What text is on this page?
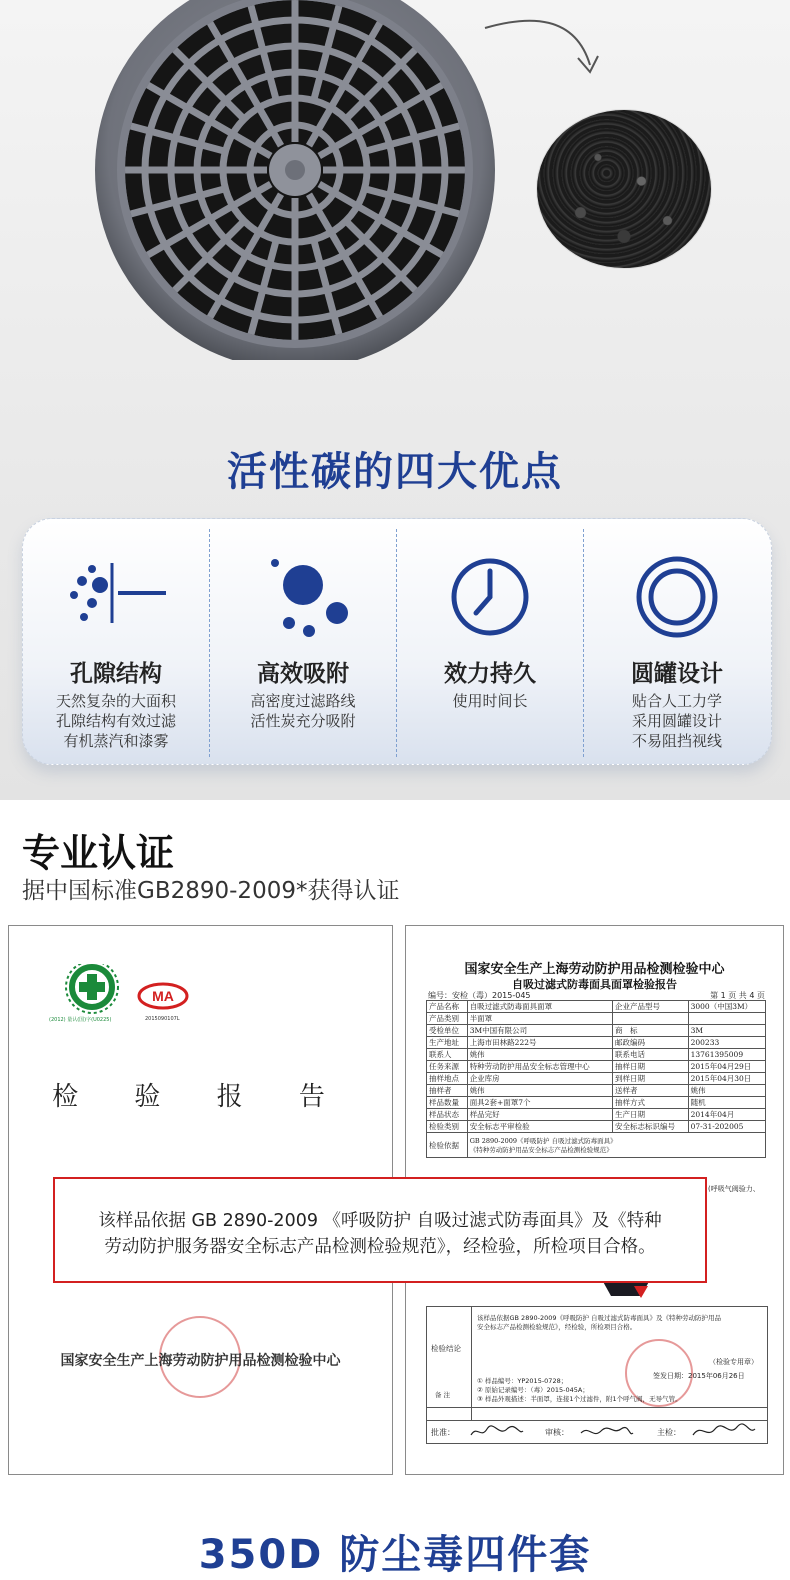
活性碳的四大优点
孔隙结构
天然复杂的大面积
孔隙结构有效过滤
有机蒸汽和漆雾
高效吸附
高密度过滤路线
活性炭充分吸附
效力持久
使用时间长
圆罐设计
贴合人工力学
采用圆罐设计
不易阻挡视线
专业认证
据中国标准GB2890-2009*获得认证
(2012) 量认(国)字(U0225)
MA
2015090107L
检 验 报 告
国家安全生产上海劳动防护用品检测检验中心
国家安全生产上海劳动防护用品检测检验中心
自吸过滤式防毒面具面罩检验报告
编号：安检（毒）2015-045	第 1 页 共 4 页
产品名称	自吸过滤式防毒面具面罩	企业产品型号	3000（中国3M）
产品类别	半面罩		
受检单位	3M中国有限公司	商　标	3M
生产地址	上海市田林路222号	邮政编码	200233
联系人	姚伟	联系电话	13761395009
任务来源	特种劳动防护用品安全标志管理中心	抽样日期	2015年04月29日
抽样地点	企业库房	到样日期	2015年04月30日
抽样者	姚伟	送样者	姚伟
样品数量	面具2套+面罩7个	抽样方式	随机
样品状态	样品完好	生产日期	2014年04月
检验类别	安全标志平审检验	安全标志标识编号	07-31-202005
检验依据	GB 2890-2009《呼吸防护 自吸过滤式防毒面具》
《特种劳动防护用品安全标志产品检测检验规范》		
(呼吸气阀验力、
检验结论
该样品依据GB 2890-2009《呼吸防护 自吸过滤式防毒面具》及《特种劳动防护用品
安全标志产品检测检验规范》，经检验，所检项目合格。
（检验专用章）
签发日期：2015年06月26日
备 注
① 样品编号：YP2015-0728；
② 原始记录编号：（毒）2015-045A；
③ 样品外观描述：半面罩，连接1个过滤件，附1个呼气阀，无导气管。
批准：	审核：	主检：

该样品依据 GB 2890-2009 《呼吸防护 自吸过滤式防毒面具》及《特种

劳动防护服务器安全标志产品检测检验规范》，经检验，所检项目合格。

350D 防尘毒四件套
